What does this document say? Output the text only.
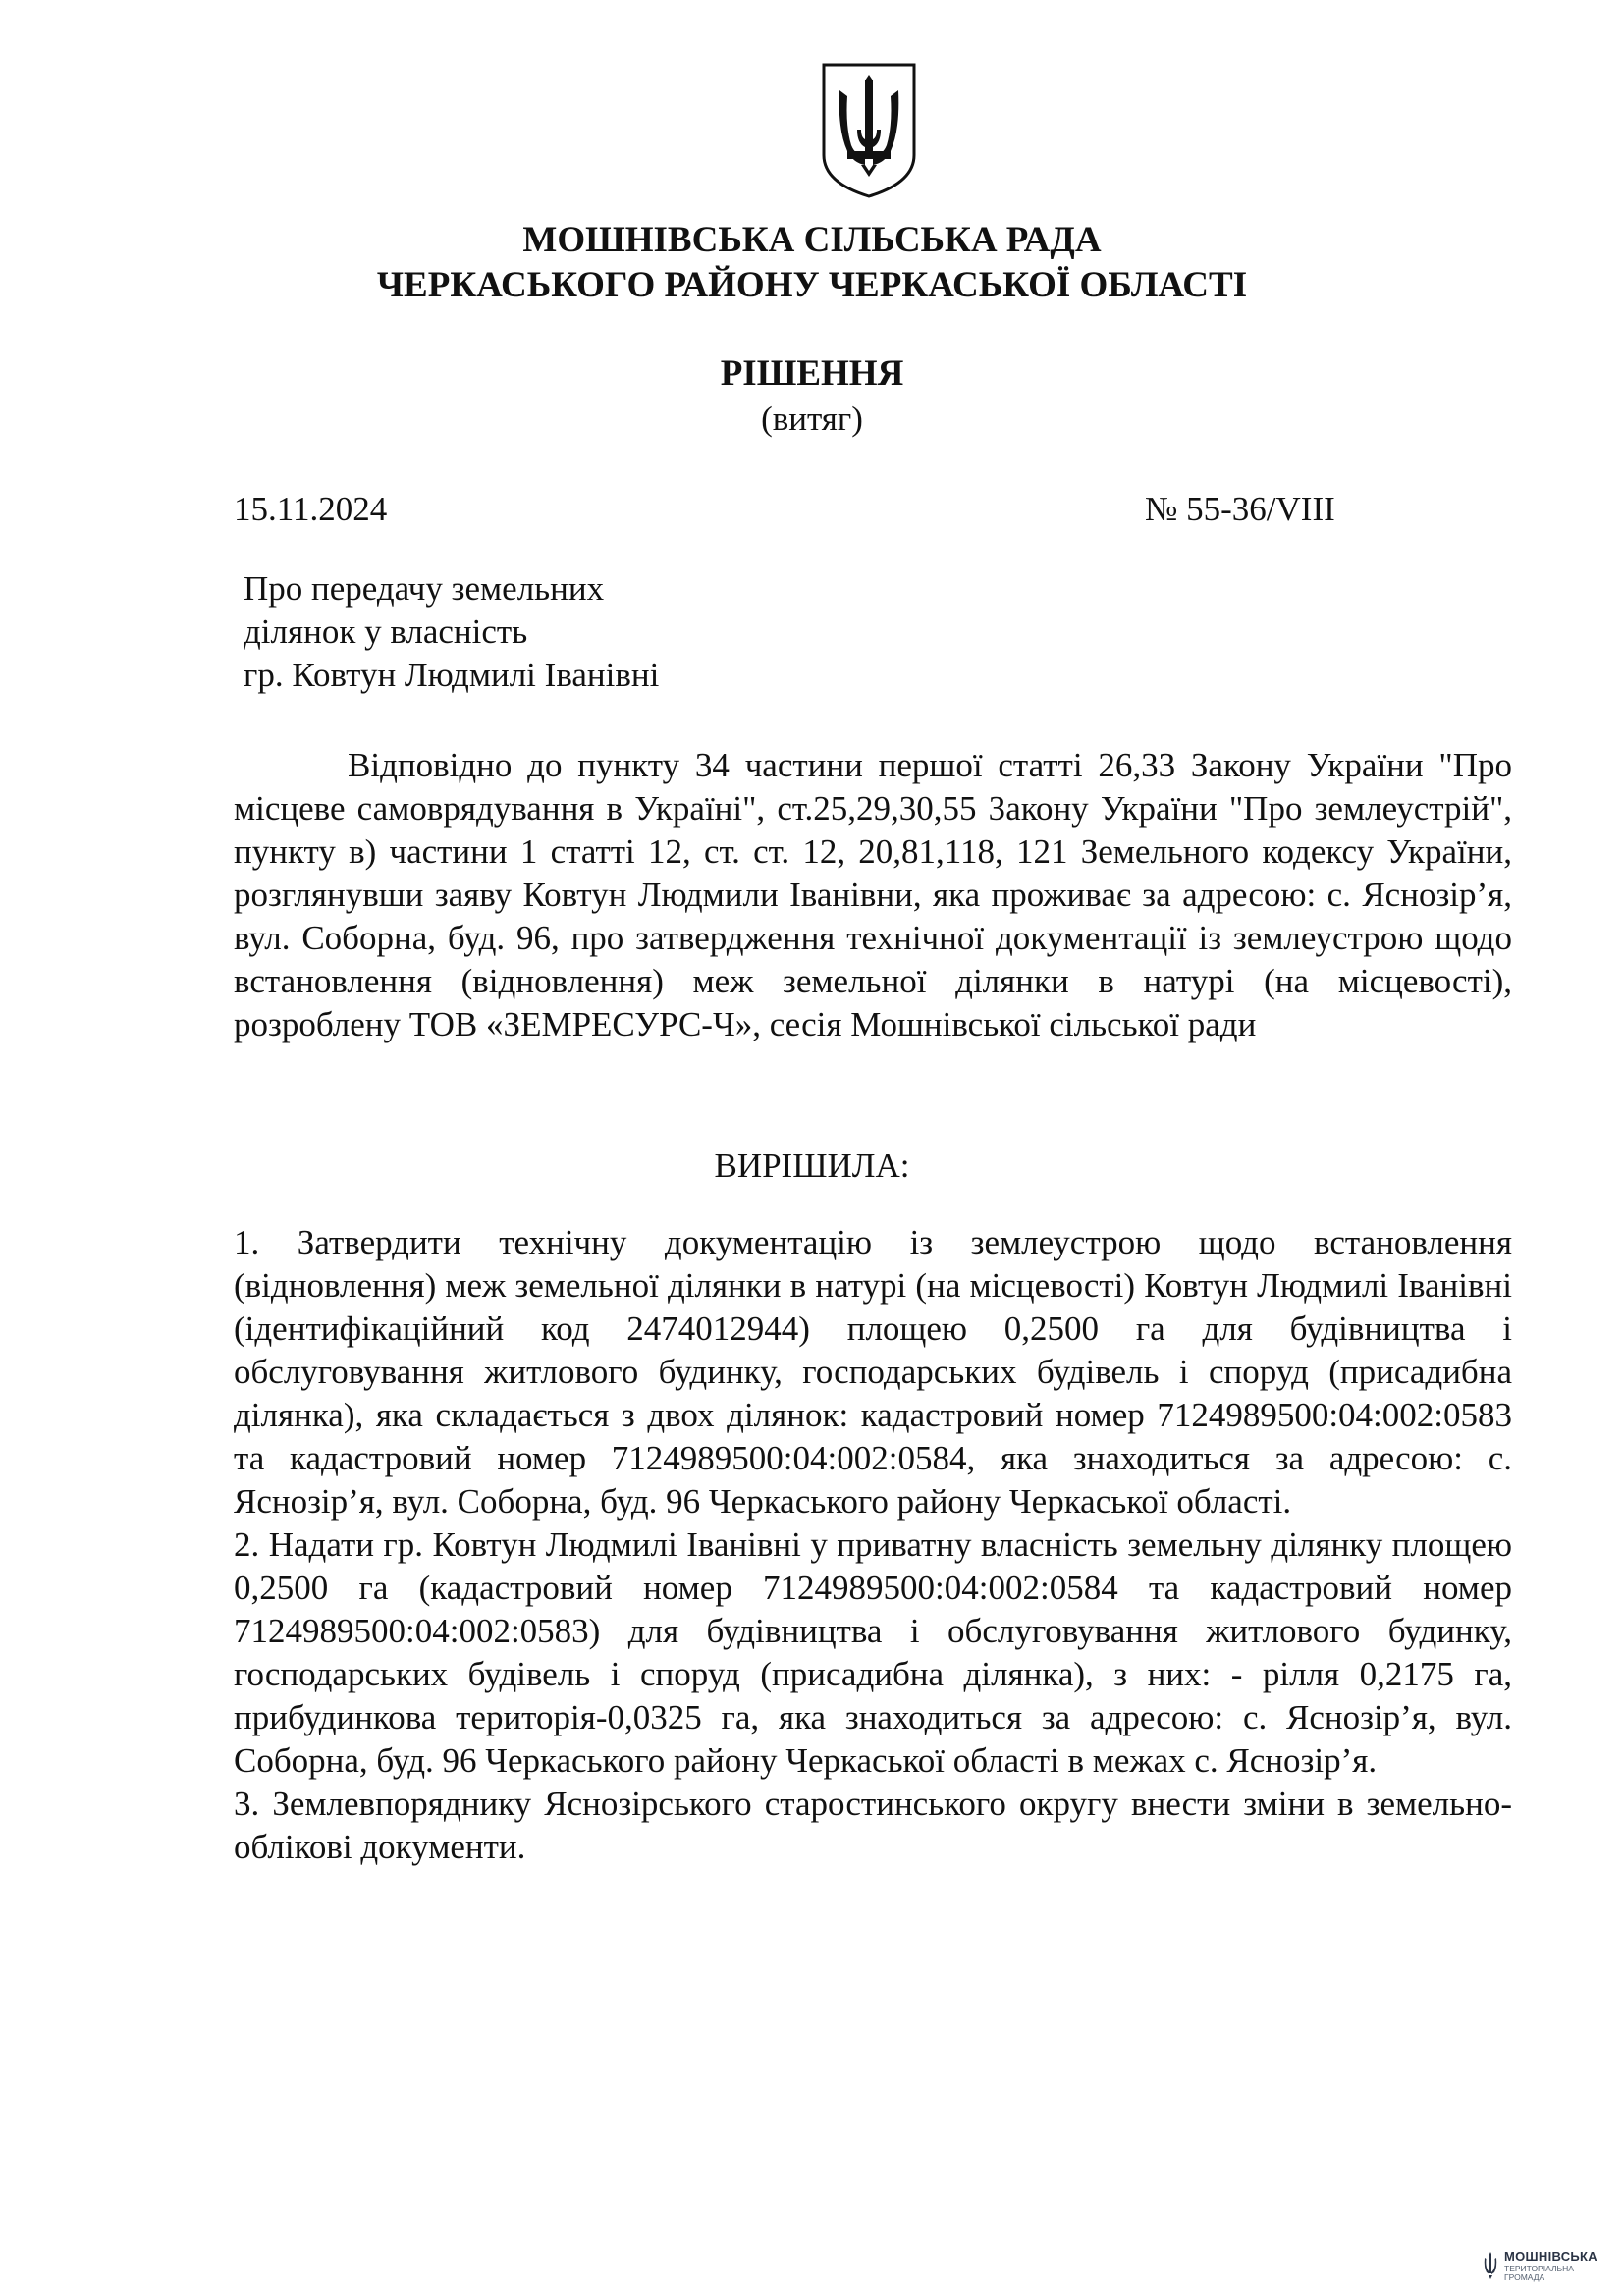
МОШНІВСЬКА СІЛЬСЬКА РАДА
ЧЕРКАСЬКОГО РАЙОНУ ЧЕРКАСЬКОЇ ОБЛАСТІ
РІШЕННЯ
(витяг)
15.11.2024	№ 55-36/VIII
Про передачу земельних
ділянок у власність
гр. Ковтун Людмилі Іванівні

Відповідно до пункту 34 частини першої статті 26,33 Закону України "Про місцеве самоврядування в Україні", ст.25,29,30,55 Закону України "Про землеустрій", пункту в) частини 1 статті 12, ст. ст. 12, 20,81,118, 121 Земельного кодексу України, розглянувши заяву Ковтун Людмили Іванівни, яка проживає за адресою: с. Яснозір’я, вул. Соборна, буд. 96, про затвердження технічної документації із землеустрою щодо встановлення (відновлення) меж земельної ділянки в натурі (на місцевості), розроблену ТОВ «ЗЕМРЕСУРС-Ч», сесія Мошнівської сільської ради

ВИРІШИЛА:

1. Затвердити технічну документацію із землеустрою щодо встановлення (відновлення) меж земельної ділянки в натурі (на місцевості) Ковтун Людмилі Іванівні (ідентифікаційний код 2474012944) площею 0,2500 га для будівництва і обслуговування житлового будинку, господарських будівель і споруд (присадибна ділянка), яка складається з двох ділянок: кадастровий номер 7124989500:04:002:0583 та кадастровий номер 7124989500:04:002:0584, яка знаходиться за адресою: с. Яснозір’я, вул. Соборна, буд. 96 Черкаського району Черкаської області.

2. Надати гр. Ковтун Людмилі Іванівні у приватну власність земельну ділянку площею 0,2500 га (кадастровий номер 7124989500:04:002:0584 та кадастровий номер 7124989500:04:002:0583) для будівництва і обслуговування житлового будинку, господарських будівель і споруд (присадибна ділянка), з них: - рілля 0,2175 га, прибудинкова територія-0,0325 га, яка знаходиться за адресою: с. Яснозір’я, вул. Соборна, буд. 96 Черкаського району Черкаської області в межах с. Яснозір’я.

3. Землевпоряднику Яснозірського старостинського округу внести зміни в земельно-облікові документи.

МОШНІВСЬКА
ТЕРИТОРІАЛЬНА
ГРОМАДА
